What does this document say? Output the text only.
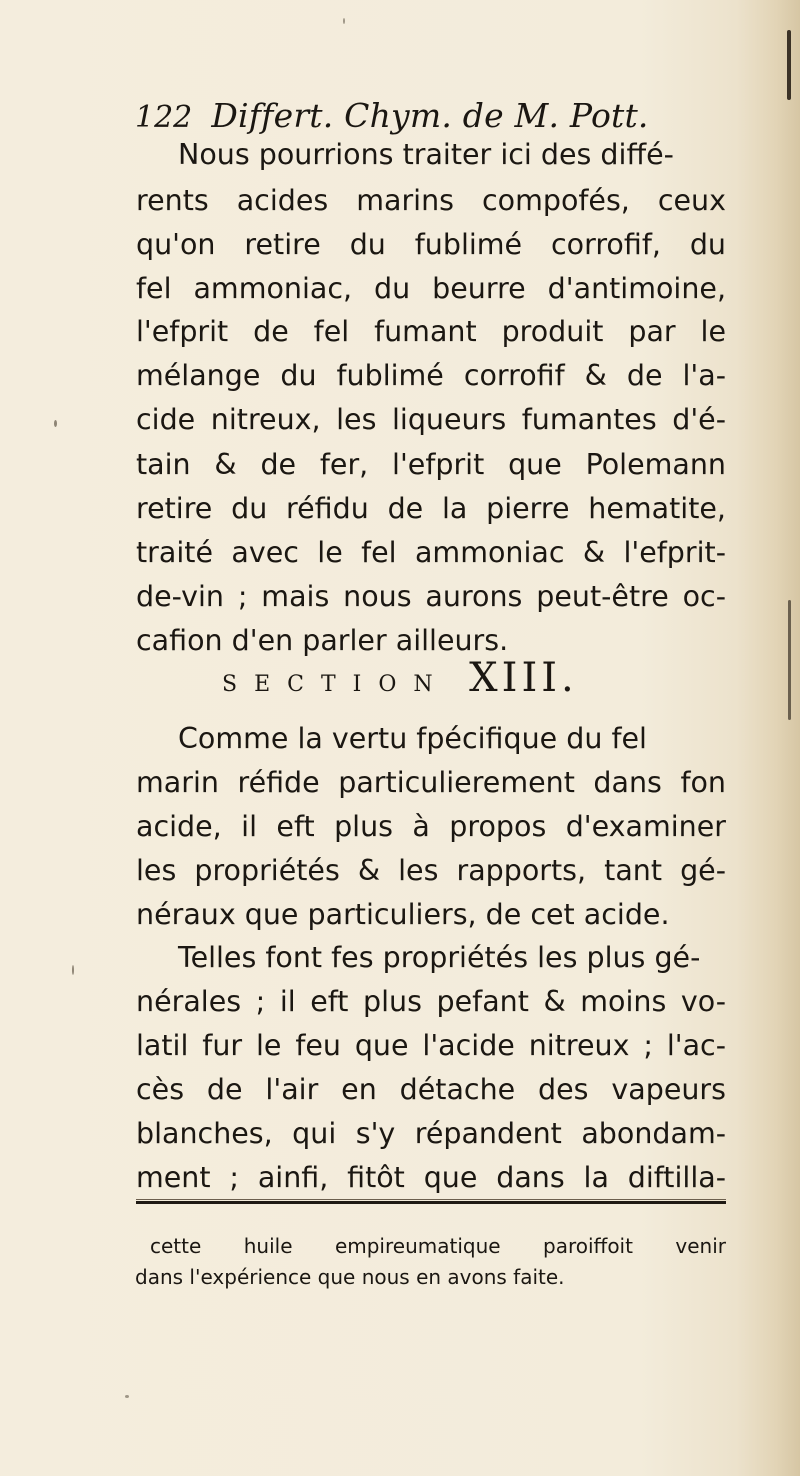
122 Differt. Chym. de M. Pott.
Nous pourrions traiter ici des diffé-
rents acides marins compofés, ceux
qu'on retire du fublimé corrofif, du
fel ammoniac, du beurre d'antimoine,
l'efprit de fel fumant produit par le
mélange du fublimé corrofif & de l'a-
cide nitreux, les liqueurs fumantes d'é-
tain & de fer, l'efprit que Polemann
retire du réfidu de la pierre hematite,
traité avec le fel ammoniac & l'efprit-
de-vin ; mais nous aurons peut-être oc-
cafion d'en parler ailleurs.
SECTION XIII.
Comme la vertu fpécifique du fel
marin réfide particulierement dans fon
acide, il eft plus à propos d'examiner
les propriétés & les rapports, tant gé-
néraux que particuliers, de cet acide.
Telles font fes propriétés les plus gé-
nérales ; il eft plus pefant & moins vo-
latil fur le feu que l'acide nitreux ; l'ac-
cès de l'air en détache des vapeurs
blanches, qui s'y répandent abondam-
ment ; ainfi, fitôt que dans la diftilla-
cette huile empireumatique paroiffoit venir
dans l'expérience que nous en avons faite.
